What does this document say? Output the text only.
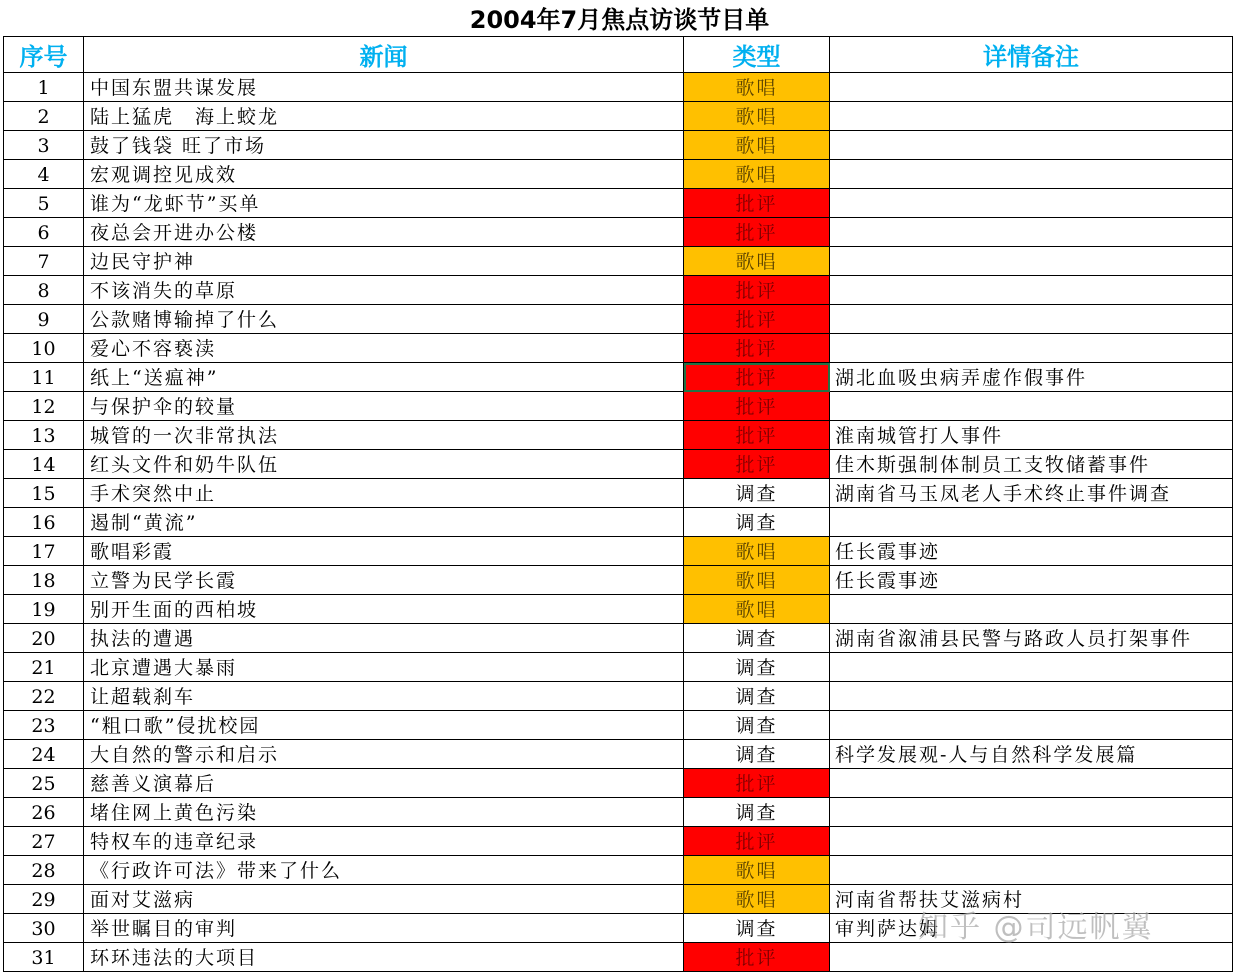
2004年7月焦点访谈节目单
序号	新闻	类型	详情备注
1	中国东盟共谋发展	歌唱	
2	陆上猛虎　海上蛟龙	歌唱	
3	鼓了钱袋 旺了市场	歌唱	
4	宏观调控见成效	歌唱	
5	谁为“龙虾节”买单	批评	
6	夜总会开进办公楼	批评	
7	边民守护神	歌唱	
8	不该消失的草原	批评	
9	公款赌博输掉了什么	批评	
10	爱心不容亵渎	批评	
11	纸上“送瘟神”	批评	湖北血吸虫病弄虚作假事件
12	与保护伞的较量	批评	
13	城管的一次非常执法	批评	淮南城管打人事件
14	红头文件和奶牛队伍	批评	佳木斯强制体制员工支牧储蓄事件
15	手术突然中止	调查	湖南省马玉凤老人手术终止事件调查
16	遏制“黄流”	调查	
17	歌唱彩霞	歌唱	任长霞事迹
18	立警为民学长霞	歌唱	任长霞事迹
19	别开生面的西柏坡	歌唱	
20	执法的遭遇	调查	湖南省溆浦县民警与路政人员打架事件
21	北京遭遇大暴雨	调查	
22	让超载刹车	调查	
23	“粗口歌”侵扰校园	调查	
24	大自然的警示和启示	调查	科学发展观-人与自然科学发展篇
25	慈善义演幕后	批评	
26	堵住网上黄色污染	调查	
27	特权车的违章纪录	批评	
28	《行政许可法》带来了什么	歌唱	
29	面对艾滋病	歌唱	河南省帮扶艾滋病村
30	举世瞩目的审判	调查	审判萨达姆
31	环环违法的大项目	批评	
知乎 @司远帆翼
